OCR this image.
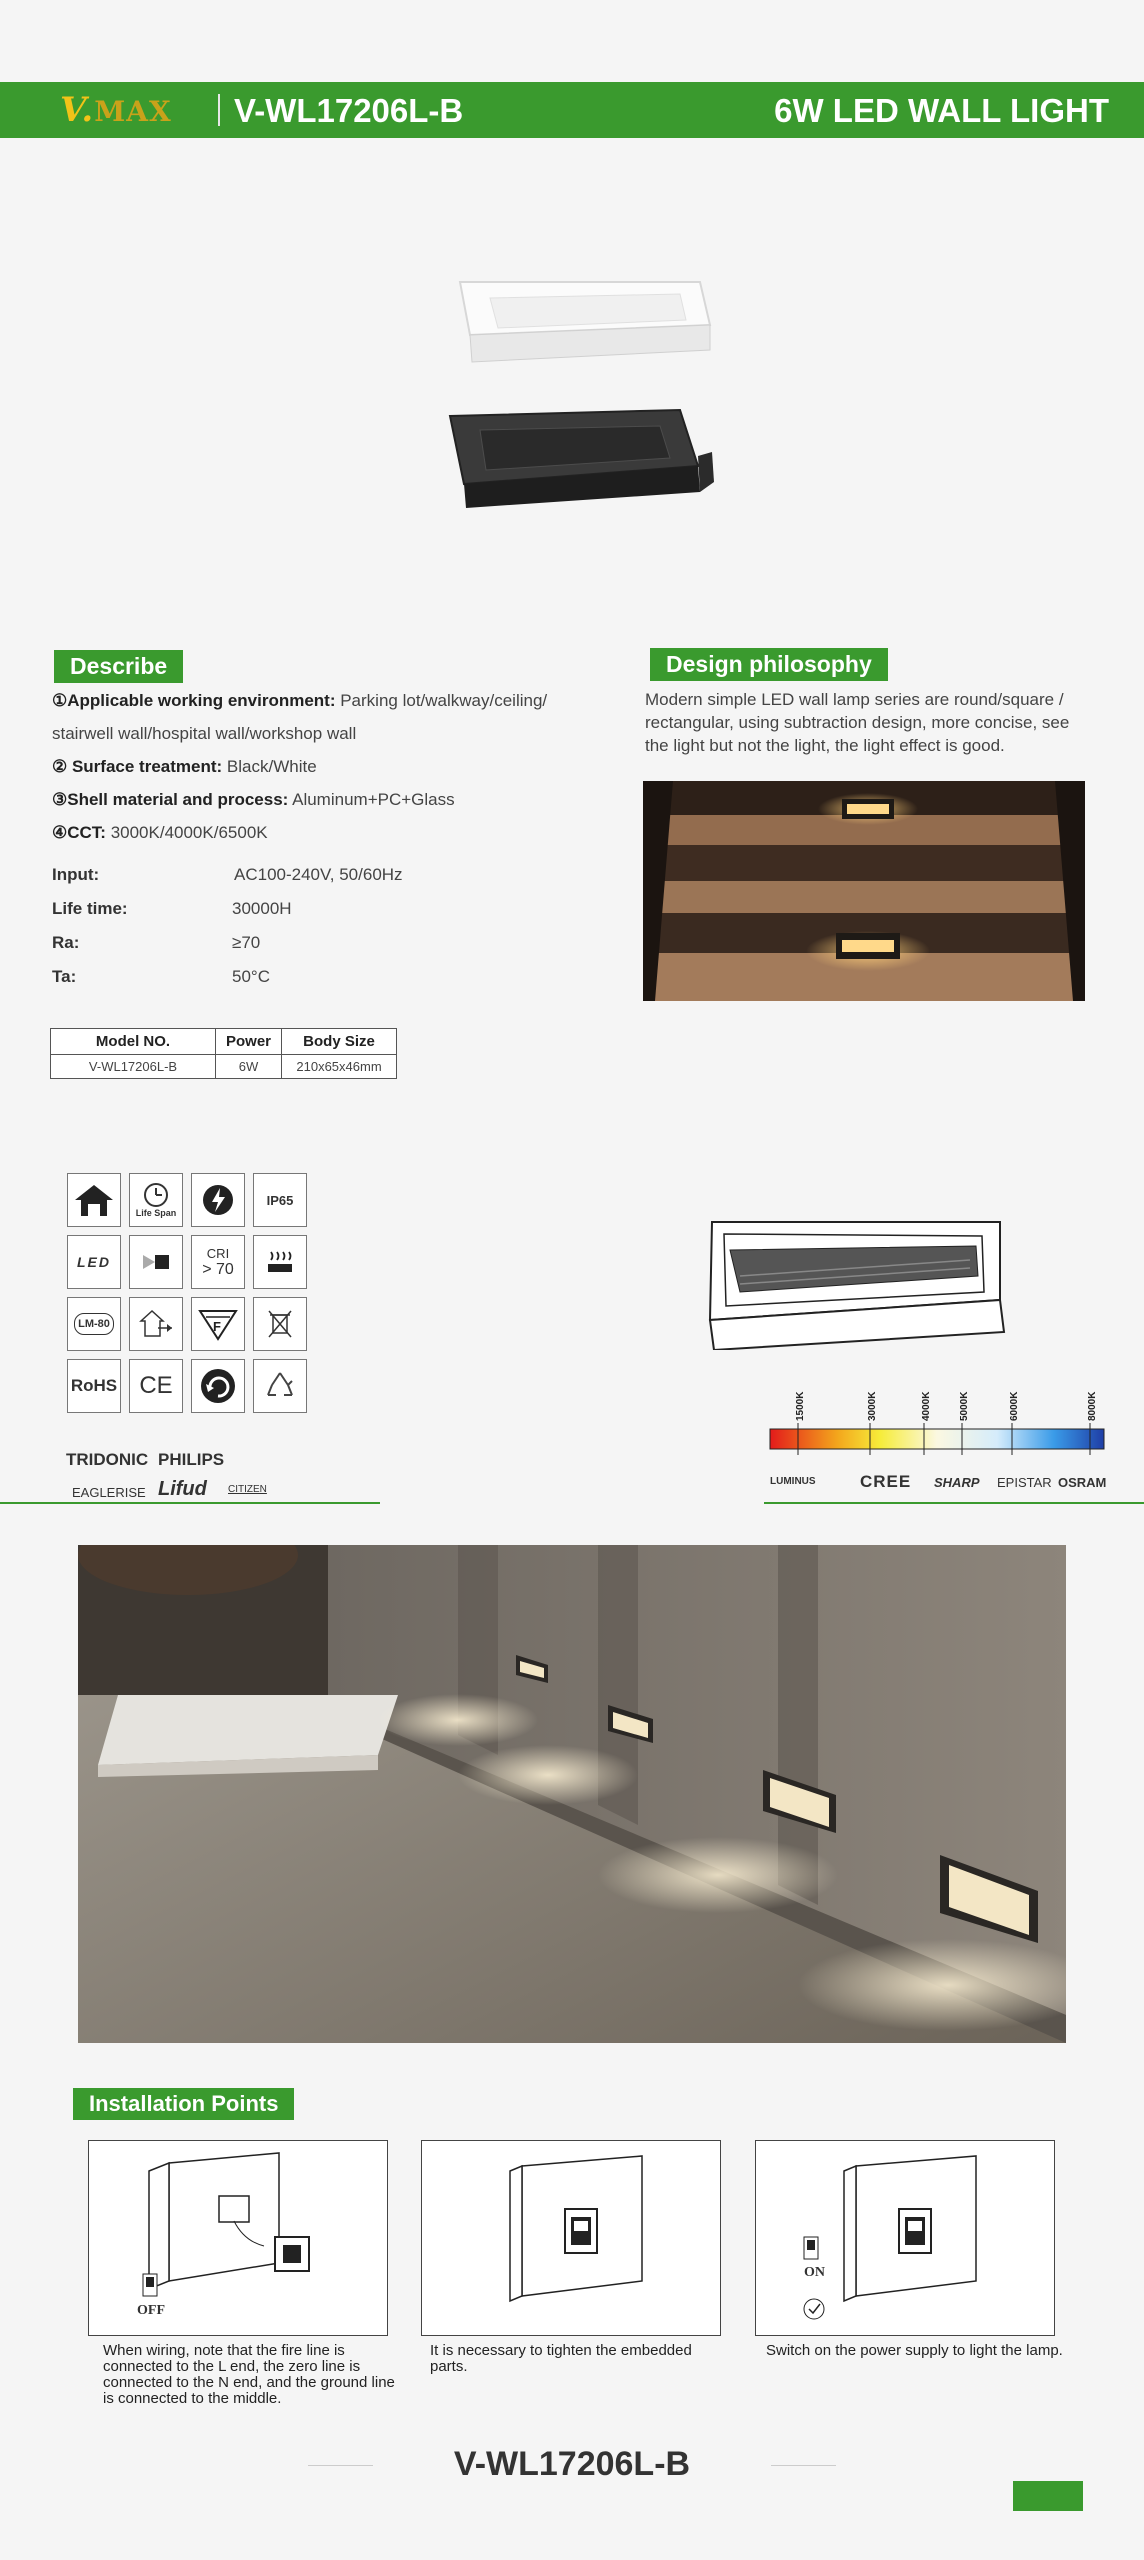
V.MAX V-WL17206L-B	6W LED WALL LIGHT
Describe
①Applicable working environment: Parking lot/walkway/ceiling/
stairwell wall/hospital wall/workshop wall
② Surface treatment: Black/White
③Shell material and process: Aluminum+PC+Glass
④CCT: 3000K/4000K/6500K
Input:	AC100-240V, 50/60Hz
Life time:	30000H
Ra:	≥70
Ta:	50°C
Model NO.	Power	Body Size
V-WL17206L-B	6W	210x65x46mm
Design philosophy
Modern simple LED wall lamp series are round/square /
rectangular, using subtraction design, more concise, see
the light but not the light, the light effect is good.
Life Span
IP65
LED
CRI
> 70
LM-80	F
RoHS CE
TRIDONIC PHILIPS
EAGLERISE Lifud CITIZEN
1500K	3000K	4000K	5000K	6000K	8000K
LUMINUS	CREE SHARP EPISTAR OSRAM
Installation Points
OFF
When wiring, note that the fire line is connected to the L end, the zero line is connected to the N end, and the ground line is connected to the middle.
It is necessary to tighten the embedded parts.
ON
Switch on the power supply to light the lamp.
V-WL17206L-B
